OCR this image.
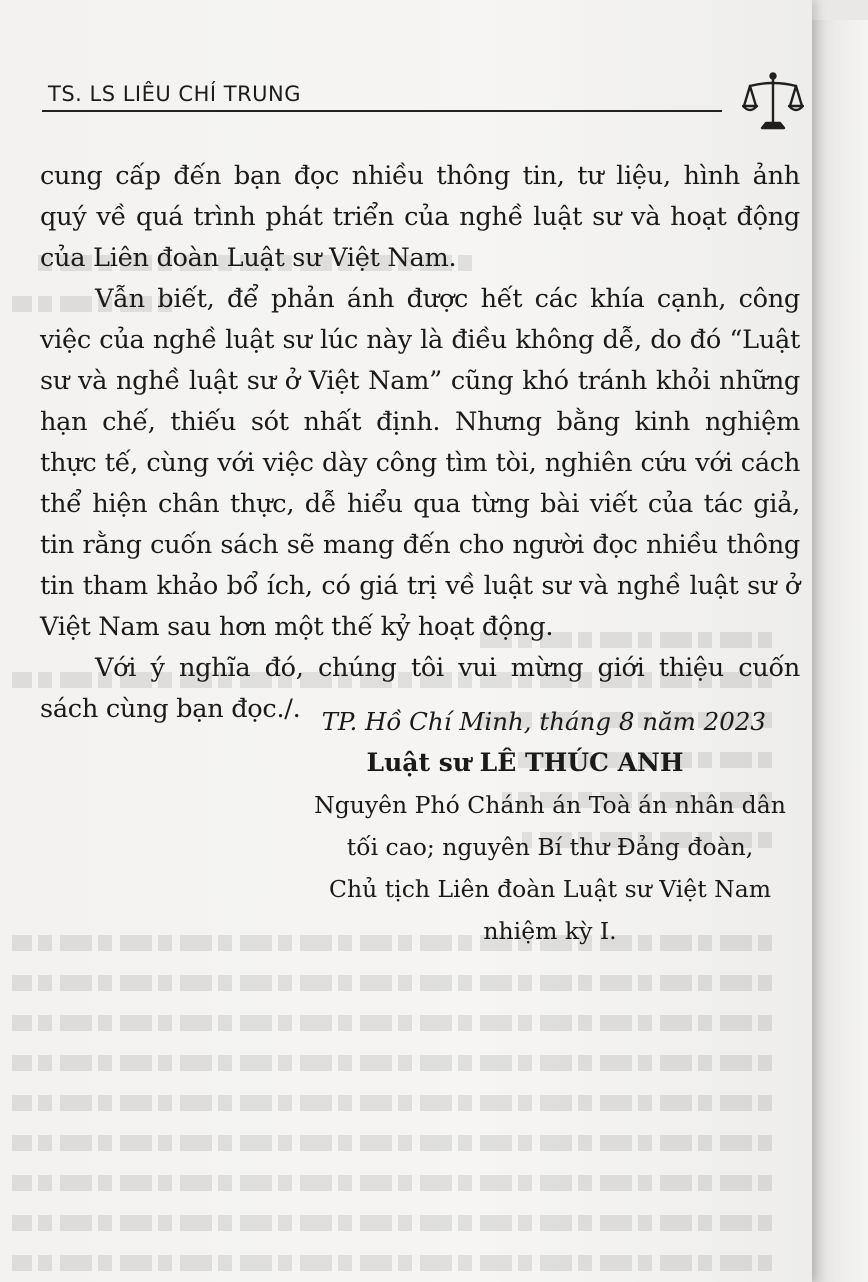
TS. LS LIÊU CHÍ TRUNG

cung cấp đến bạn đọc nhiều thông tin, tư liệu, hình ảnh quý về quá trình phát triển của nghề luật sư và hoạt động của Liên đoàn Luật sư Việt Nam.

Vẫn biết, để phản ánh được hết các khía cạnh, công việc của nghề luật sư lúc này là điều không dễ, do đó “Luật sư và nghề luật sư ở Việt Nam” cũng khó tránh khỏi những hạn chế, thiếu sót nhất định. Nhưng bằng kinh nghiệm thực tế, cùng với việc dày công tìm tòi, nghiên cứu với cách thể hiện chân thực, dễ hiểu qua từng bài viết của tác giả, tin rằng cuốn sách sẽ mang đến cho người đọc nhiều thông tin tham khảo bổ ích, có giá trị về luật sư và nghề luật sư ở Việt Nam sau hơn một thế kỷ hoạt động.

Với ý nghĩa đó, chúng tôi vui mừng giới thiệu cuốn sách cùng bạn đọc./. TP. Hồ Chí Minh, tháng 8 năm 2023
Luật sư LÊ THÚC ANH
Nguyên Phó Chánh án Toà án nhân dân
tối cao; nguyên Bí thư Đảng đoàn,
Chủ tịch Liên đoàn Luật sư Việt Nam
nhiệm kỳ I.
